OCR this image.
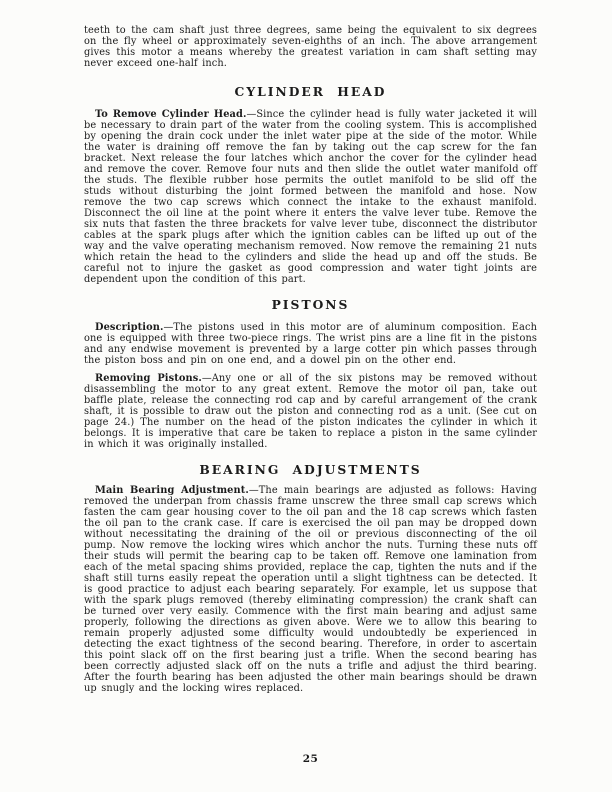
teeth to the cam shaft just three degrees, same being the equivalent to six degrees on the fly wheel or approximately seven-eighths of an inch. The above arrangement gives this motor a means whereby the greatest variation in cam shaft setting may never exceed one-half inch.

CYLINDER HEAD

To Remove Cylinder Head.—Since the cylinder head is fully water jacketed it will be necessary to drain part of the water from the cooling system. This is accomplished by opening the drain cock under the inlet water pipe at the side of the motor. While the water is draining off remove the fan by taking out the cap screw for the fan bracket. Next release the four latches which anchor the cover for the cylinder head and remove the cover. Remove four nuts and then slide the outlet water manifold off the studs. The flexible rubber hose permits the outlet manifold to be slid off the studs without disturbing the joint formed between the manifold and hose. Now remove the two cap screws which connect the intake to the exhaust manifold. Disconnect the oil line at the point where it enters the valve lever tube. Remove the six nuts that fasten the three brackets for valve lever tube, disconnect the distributor cables at the spark plugs after which the ignition cables can be lifted up out of the way and the valve operating mechanism removed. Now remove the remaining 21 nuts which retain the head to the cylinders and slide the head up and off the studs. Be careful not to injure the gasket as good compression and water tight joints are dependent upon the condition of this part.

PISTONS

Description.—The pistons used in this motor are of aluminum composition. Each one is equipped with three two-piece rings. The wrist pins are a line fit in the pistons and any endwise movement is prevented by a large cotter pin which passes through the piston boss and pin on one end, and a dowel pin on the other end.

Removing Pistons.—Any one or all of the six pistons may be removed without disassembling the motor to any great extent. Remove the motor oil pan, take out baffle plate, release the connecting rod cap and by careful arrangement of the crank shaft, it is possible to draw out the piston and connecting rod as a unit. (See cut on page 24.) The number on the head of the piston indicates the cylinder in which it belongs. It is imperative that care be taken to replace a piston in the same cylinder in which it was originally installed.

BEARING ADJUSTMENTS

Main Bearing Adjustment.—The main bearings are adjusted as follows: Having removed the underpan from chassis frame unscrew the three small cap screws which fasten the cam gear housing cover to the oil pan and the 18 cap screws which fasten the oil pan to the crank case. If care is exercised the oil pan may be dropped down without necessitating the draining of the oil or previous disconnecting of the oil pump. Now remove the locking wires which anchor the nuts. Turning these nuts off their studs will permit the bearing cap to be taken off. Remove one lamination from each of the metal spacing shims provided, replace the cap, tighten the nuts and if the shaft still turns easily repeat the operation until a slight tightness can be detected. It is good practice to adjust each bearing separately. For example, let us suppose that with the spark plugs removed (thereby eliminating compression) the crank shaft can be turned over very easily. Commence with the first main bearing and adjust same properly, following the directions as given above. Were we to allow this bearing to remain properly adjusted some difficulty would undoubtedly be experienced in detecting the exact tightness of the second bearing. Therefore, in order to ascertain this point slack off on the first bearing just a trifle. When the second bearing has been correctly adjusted slack off on the nuts a trifle and adjust the third bearing. After the fourth bearing has been adjusted the other main bearings should be drawn up snugly and the locking wires replaced.

25
